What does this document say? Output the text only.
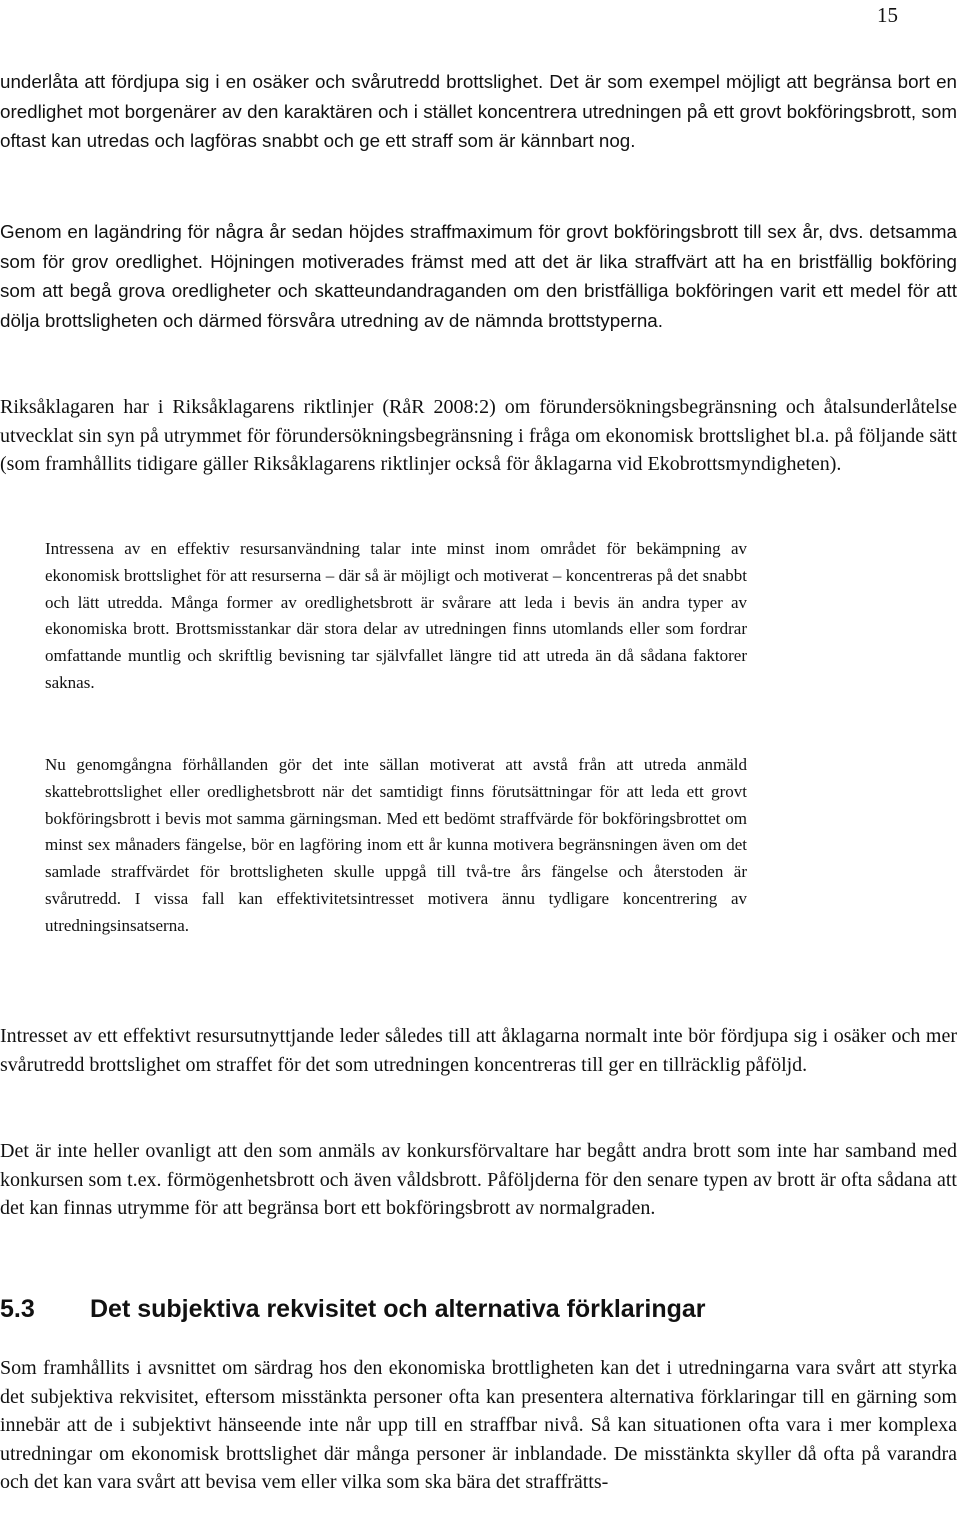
15

underlåta att fördjupa sig i en osäker och svårutredd brottslighet. Det är som exempel möjligt att begränsa bort en oredlighet mot borgenärer av den karaktären och i stället koncentrera utredningen på ett grovt bokföringsbrott, som oftast kan utredas och lagföras snabbt och ge ett straff som är kännbart nog.

Genom en lagändring för några år sedan höjdes straffmaximum för grovt bokföringsbrott till sex år, dvs. detsamma som för grov oredlighet. Höjningen motiverades främst med att det är lika straffvärt att ha en bristfällig bokföring som att begå grova oredligheter och skatteundandraganden om den bristfälliga bokföringen varit ett medel för att dölja brottsligheten och därmed försvåra utredning av de nämnda brottstyperna.

Riksåklagaren har i Riksåklagarens riktlinjer (RåR 2008:2) om förundersökningsbegränsning och åtalsunderlåtelse utvecklat sin syn på utrymmet för förundersökningsbegränsning i fråga om ekonomisk brottslighet bl.a. på följande sätt (som framhållits tidigare gäller Riksåklagarens riktlinjer också för åklagarna vid Ekobrottsmyndigheten).

Intressena av en effektiv resursanvändning talar inte minst inom området för bekämpning av ekonomisk brottslighet för att resurserna – där så är möjligt och motiverat – koncentreras på det snabbt och lätt utredda. Många former av oredlighetsbrott är svårare att leda i bevis än andra typer av ekonomiska brott. Brottsmisstankar där stora delar av utredningen finns utomlands eller som fordrar omfattande muntlig och skriftlig bevisning tar självfallet längre tid att utreda än då sådana faktorer saknas.

Nu genomgångna förhållanden gör det inte sällan motiverat att avstå från att utreda anmäld skattebrottslighet eller oredlighetsbrott när det samtidigt finns förutsättningar för att leda ett grovt bokföringsbrott i bevis mot samma gärningsman. Med ett bedömt straffvärde för bokföringsbrottet om minst sex månaders fängelse, bör en lagföring inom ett år kunna motivera begränsningen även om det samlade straffvärdet för brottsligheten skulle uppgå till två-tre års fängelse och återstoden är svårutredd. I vissa fall kan effektivitetsintresset motivera ännu tydligare koncentrering av utredningsinsatserna.

Intresset av ett effektivt resursutnyttjande leder således till att åklagarna normalt inte bör fördjupa sig i osäker och mer svårutredd brottslighet om straffet för det som utredningen koncentreras till ger en tillräcklig påföljd.

Det är inte heller ovanligt att den som anmäls av konkursförvaltare har begått andra brott som inte har samband med konkursen som t.ex. förmögenhetsbrott och även våldsbrott. Påföljderna för den senare typen av brott är ofta sådana att det kan finnas utrymme för att begränsa bort ett bokföringsbrott av normalgraden.

5.3 Det subjektiva rekvisitet och alternativa förklaringar

Som framhållits i avsnittet om särdrag hos den ekonomiska brottligheten kan det i utredningarna vara svårt att styrka det subjektiva rekvisitet, eftersom misstänkta personer ofta kan presentera alternativa förklaringar till en gärning som innebär att de i subjektivt hänseende inte når upp till en straffbar nivå. Så kan situationen ofta vara i mer komplexa utredningar om ekonomisk brottslighet där många personer är inblandade. De misstänkta skyller då ofta på varandra och det kan vara svårt att bevisa vem eller vilka som ska bära det straffrätts-
